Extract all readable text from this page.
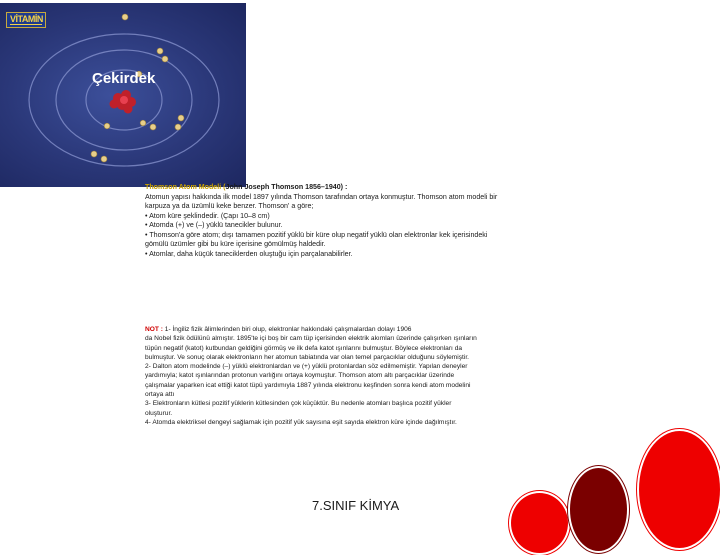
VİTAMİN
Çekirdek
Thomson Atom Modeli (John Joseph Thomson 1856–1940) :
Atomun yapısı hakkında ilk model 1897 yılında Thomson tarafından ortaya konmuştur. Thomson atom modeli bir
karpuza ya da üzümlü keke benzer. Thomson' a göre;
• Atom küre şeklindedir. (Çapı 10–8 cm)
• Atomda (+) ve (–) yüklü tanecikler bulunur.
• Thomson'a göre atom; dışı tamamen pozitif yüklü bir küre olup negatif yüklü olan elektronlar kek içerisindeki
gömülü üzümler gibi bu küre içerisine gömülmüş haldedir.
• Atomlar, daha küçük taneciklerden oluştuğu için parçalanabilirler.
NOT : 1- İngiliz fizik âlimlerinden biri olup, elektronlar hakkındaki çalışmalardan dolayı 1906
da Nobel fizik ödülünü almıştır. 1895'te içi boş bir cam tüp içerisinden elektrik akımları üzerinde çalışırken ışınların
tüpün negatif (katot) kutbundan geldiğini görmüş ve ilk defa katot ışınlarını bulmuştur. Böylece elektronları da
bulmuştur. Ve sonuç olarak elektronların her atomun tabiatında var olan temel parçacıklar olduğunu söylemiştir.
2- Dalton atom modelinde (–) yüklü elektronlardan ve (+) yüklü protonlardan söz edilmemiştir. Yapılan deneyler
yardımıyla; katot ışınlarından protonun varlığını ortaya koymuştur. Thomson atom altı parçacıklar üzerinde
çalışmalar yaparken icat ettiği katot tüpü yardımıyla 1887 yılında elektronu keşfinden sonra kendi atom modelini
ortaya attı
3- Elektronların kütlesi pozitif yüklerin kütlesinden çok küçüktür. Bu nedenle atomları başlıca pozitif yükler
oluşturur.
4- Atomda elektriksel dengeyi sağlamak için pozitif yük sayısına eşit sayıda elektron küre içinde dağılmıştır.
7.SINIF KİMYA
